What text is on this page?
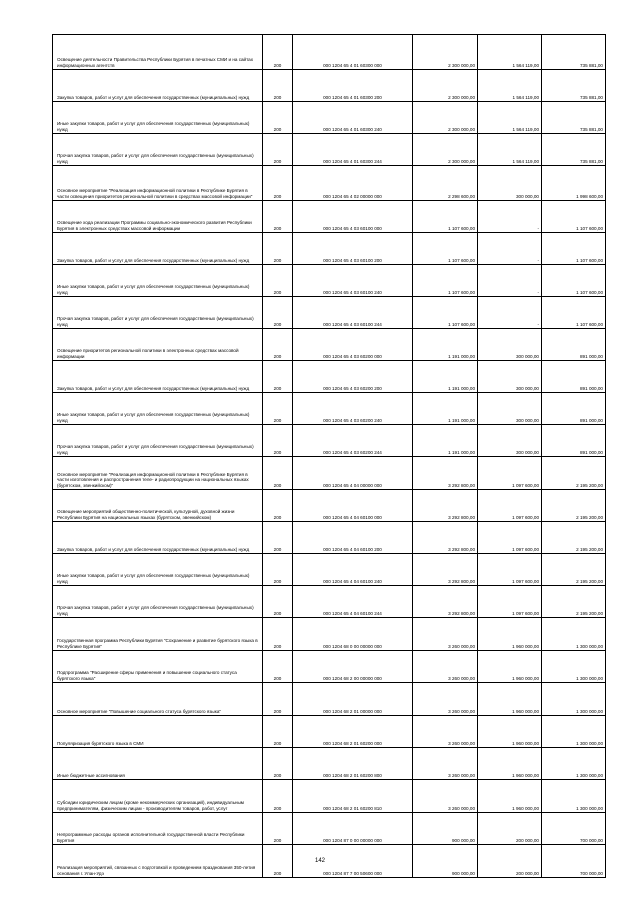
Освещение деятельности Правительства Республики Бурятия в печатных СМИ и на сайтах информационных агентств	200	000 1204 65 4 01 60300 000	2 300 000,00	1 564 119,00	735 881,00
Закупка товаров, работ и услуг для обеспечения государственных (муниципальных) нужд	200	000 1204 65 4 01 60300 200	2 300 000,00	1 564 119,00	735 881,00
Иные закупки товаров, работ и услуг для обеспечения государственных (муниципальных) нужд	200	000 1204 65 4 01 60300 240	2 300 000,00	1 564 119,00	735 881,00
Прочая закупка товаров, работ и услуг для обеспечения государственных (муниципальных) нужд	200	000 1204 65 4 01 60300 244	2 300 000,00	1 564 119,00	735 881,00
Основное мероприятие "Реализация информационной политики в Республике Бурятия в части освещения приоритетов региональной политики в средствах массовой информации"	200	000 1204 65 4 02 00000 000	2 298 600,00	300 000,00	1 998 600,00
Освещение хода реализации Программы социально-экономического развития Республики Бурятия в электронных средствах массовой информации	200	000 1204 65 4 03 60100 000	1 107 600,00	-	1 107 600,00
Закупка товаров, работ и услуг для обеспечения государственных (муниципальных) нужд	200	000 1204 65 4 03 60100 200	1 107 600,00	-	1 107 600,00
Иные закупки товаров, работ и услуг для обеспечения государственных (муниципальных) нужд	200	000 1204 65 4 03 60100 240	1 107 600,00	-	1 107 600,00
Прочая закупка товаров, работ и услуг для обеспечения государственных (муниципальных) нужд	200	000 1204 65 4 03 60100 244	1 107 600,00	-	1 107 600,00
Освещение приоритетов региональной политики в электронных средствах массовой информации	200	000 1204 65 4 03 60200 000	1 191 000,00	300 000,00	891 000,00
Закупка товаров, работ и услуг для обеспечения государственных (муниципальных) нужд	200	000 1204 65 4 03 60200 200	1 191 000,00	300 000,00	891 000,00
Иные закупки товаров, работ и услуг для обеспечения государственных (муниципальных) нужд	200	000 1204 65 4 03 60200 240	1 191 000,00	300 000,00	891 000,00
Прочая закупка товаров, работ и услуг для обеспечения государственных (муниципальных) нужд	200	000 1204 65 4 03 60200 244	1 191 000,00	300 000,00	891 000,00
Основное мероприятие "Реализация информационной политики в Республике Бурятия в части изготовления и распространения теле- и радиопродукции на национальных языках (бурятском, эвенкийском)"	200	000 1204 65 4 04 00000 000	3 292 800,00	1 097 600,00	2 195 200,00
Освещение мероприятий общественно-политической, культурной, духовной жизни Республики Бурятия на национальных языках (бурятском, эвенкийском)	200	000 1204 65 4 04 60100 000	3 292 800,00	1 097 600,00	2 195 200,00
Закупка товаров, работ и услуг для обеспечения государственных (муниципальных) нужд	200	000 1204 65 4 04 60100 200	3 292 800,00	1 097 600,00	2 195 200,00
Иные закупки товаров, работ и услуг для обеспечения государственных (муниципальных) нужд	200	000 1204 65 4 04 60100 240	3 292 800,00	1 097 600,00	2 195 200,00
Прочая закупка товаров, работ и услуг для обеспечения государственных (муниципальных) нужд	200	000 1204 65 4 04 60100 244	3 292 800,00	1 097 600,00	2 195 200,00
Государственная программа Республики Бурятия "Сохранение и развитие бурятского языка в Республике Бурятия"	200	000 1204 68 0 00 00000 000	3 260 000,00	1 960 000,00	1 300 000,00
Подпрограмма "Расширение сферы применения и повышение социального статуса бурятского языка"	200	000 1204 68 2 00 00000 000	3 260 000,00	1 960 000,00	1 300 000,00
Основное мероприятие "Повышение социального статуса бурятского языка"	200	000 1204 68 2 01 00000 000	3 260 000,00	1 960 000,00	1 300 000,00
Популяризация бурятского языка в СМИ	200	000 1204 68 2 01 60200 000	3 260 000,00	1 960 000,00	1 300 000,00
Иные бюджетные ассигнования	200	000 1204 68 2 01 60200 800	3 260 000,00	1 960 000,00	1 300 000,00
Субсидии юридическим лицам (кроме некоммерческих организаций), индивидуальным предпринимателям, физическим лицам - производителям товаров, работ, услуг	200	000 1204 68 2 01 60200 810	3 260 000,00	1 960 000,00	1 300 000,00
Непрограммные расходы органов исполнительной государственной власти Республики Бурятия	200	000 1204 87 0 00 00000 000	900 000,00	200 000,00	700 000,00
Реализация мероприятий, связанных с подготовкой и проведением празднования 350-летия основания г. Улан-Удэ	200	000 1204 87 7 00 50600 000	900 000,00	200 000,00	700 000,00
142
